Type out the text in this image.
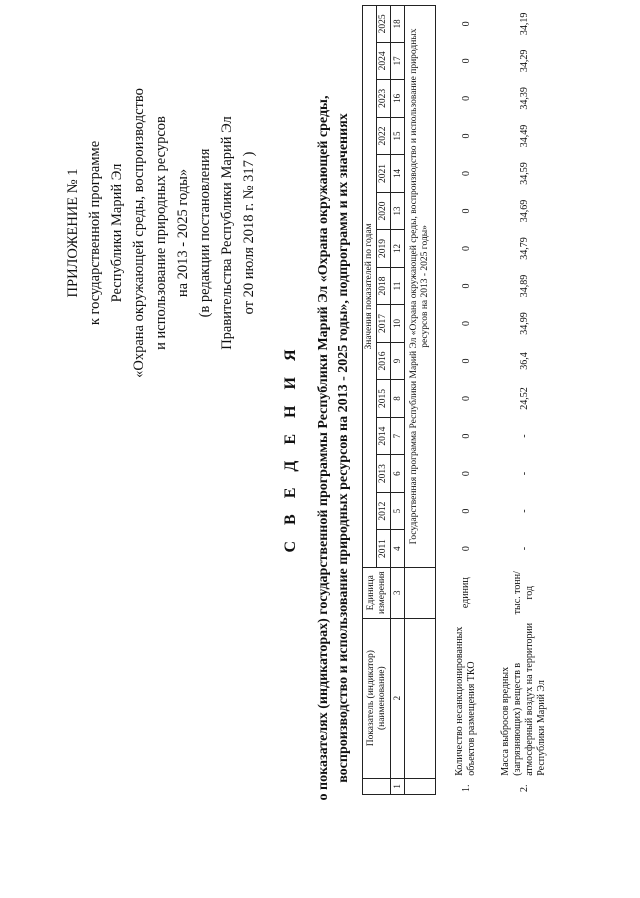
ПРИЛОЖЕНИЕ № 1 к государственной программе Республики Марий Эл «Охрана окружающей среды, воспроизводство и использование природных ресурсов на 2013 - 2025 годы» (в редакции постановления Правительства Республики Марий Эл от 20 июля 2018 г. № 317 )
С В Е Д Е Н И Я о показателях (индикаторах) государственной программы Республики Марий Эл «Охрана окружающей среды, воспроизводство и использование природных ресурсов на 2013 - 2025 годы», подпрограмм и их значениях
		Показатель (индикатор) (наименование)	Единица измерения	Значения показателей по годам														
			2011	2012	2013	2014	2015	2016	2017	2018	2019	2020	2021	2022	2023	2024	2025
1	2	3	4	5	6	7	8	9	10	11	12	13	14	15	16	17	18
			Государственная программа Республики Марий Эл «Охрана окружающей среды, воспроизводство и использование природных ресурсов на 2013 - 2025 годы»														
1.	Количество несанкционированных объектов размещения ТКО	единиц	0	0	0	0	0	0	0	0	0	0	0	0	0	0	0
2.	Масса выбросов вредных (загрязняющих) веществ в атмосферный воздух на территории Республики Марий Эл	тыс. тонн/ год	-	-	-	-	24,52	36,4	34,99	34,89	34,79	34,69	34,59	34,49	34,39	34,29	34,19
